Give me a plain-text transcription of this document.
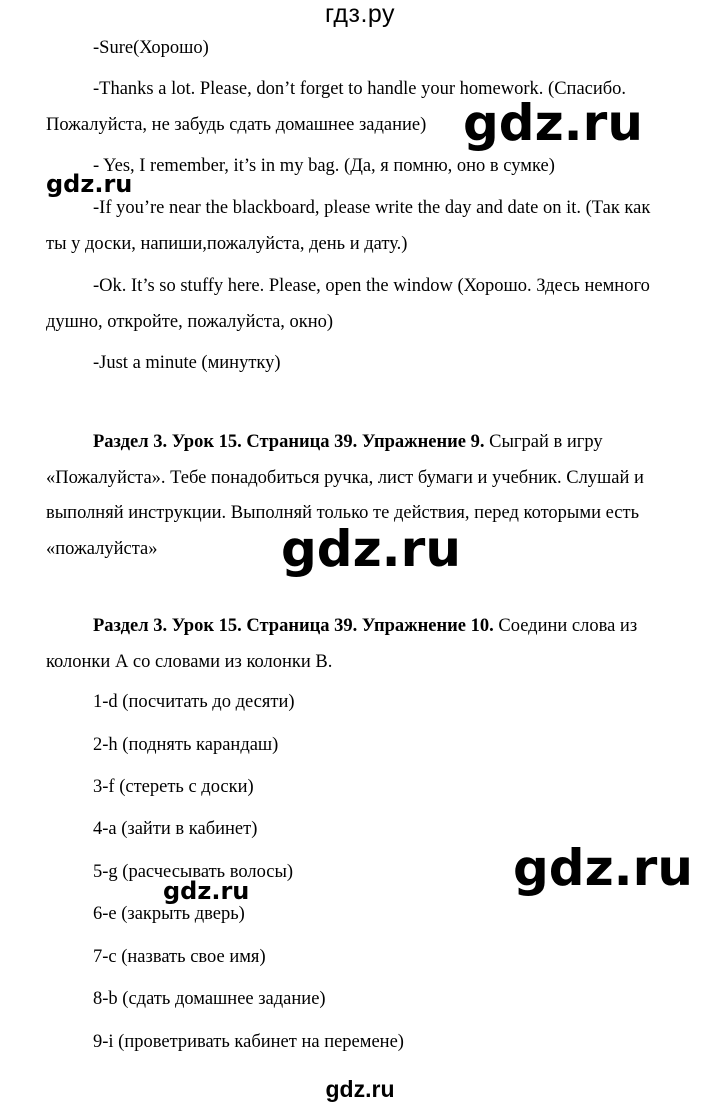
гдз.ру
gdz.ru
-Sure(Хорошо)
-Thanks a lot. Please, don’t forget to handle your homework. (Спасибо.
Пожалуйста, не забудь сдать домашнее задание)
- Yes, I remember, it’s in my bag. (Да, я помню, оно в сумке)
-If you’re near the blackboard, please write the day and date on it. (Так как
ты у доски, напиши,пожалуйста, день и дату.)
-Ok. It’s so stuffy here. Please, open the window (Хорошо. Здесь немного
душно, откройте, пожалуйста, окно)
-Just a minute (минутку)
Раздел 3. Урок 15. Страница 39. Упражнение 9. Сыграй в игру
«Пожалуйста». Тебе понадобиться ручка, лист бумаги и учебник. Слушай и
выполняй инструкции. Выполняй только те действия, перед которыми есть
«пожалуйста»
Раздел 3. Урок 15. Страница 39. Упражнение 10. Соедини слова из
колонки А со словами из колонки В.
1-d (посчитать до десяти)
2-h (поднять карандаш)
3-f (стереть с доски)
4-a (зайти в кабинет)
5-g (расчесывать волосы)
6-e (закрыть дверь)
7-c (назвать свое имя)
8-b (сдать домашнее задание)
9-i (проветривать кабинет на перемене)
gdz.ru
gdz.ru
gdz.ru
gdz.ru
gdz.ru
